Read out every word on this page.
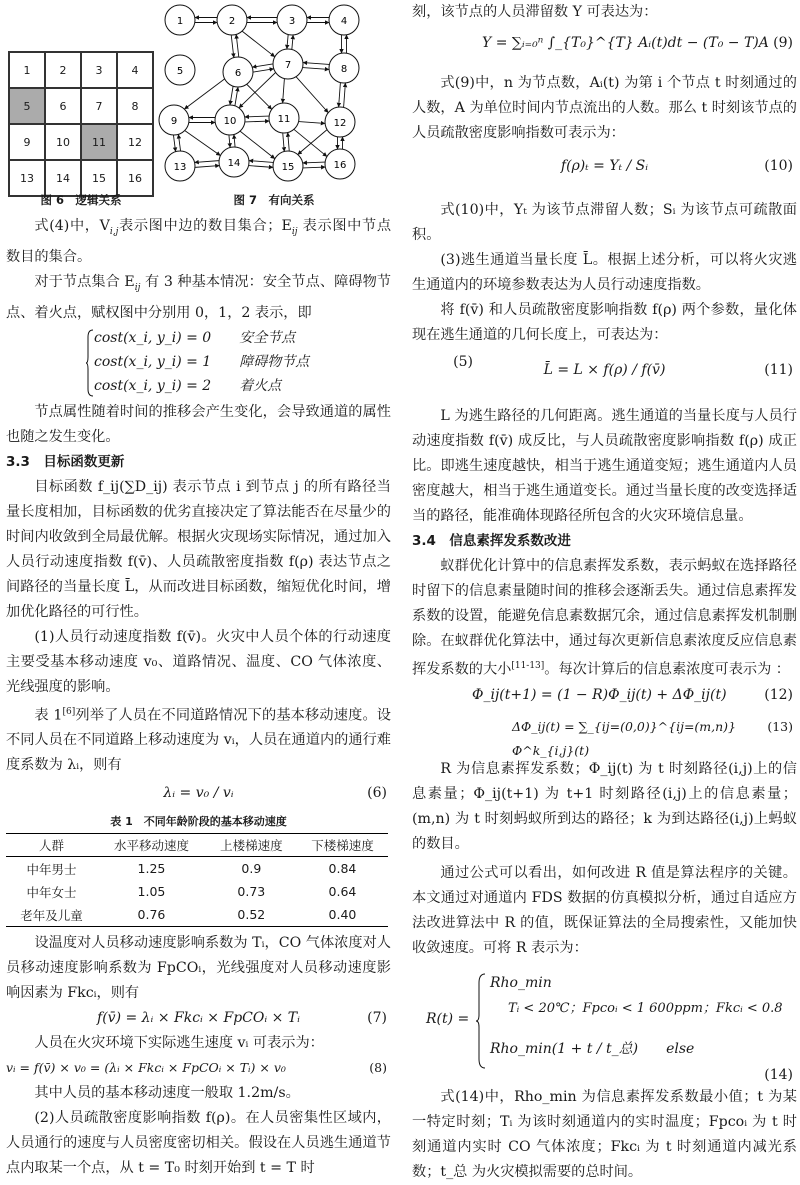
1	2	3	4
5	6	7	8
9	10	11	12
13	14	15	16
图 6　逻辑关系
1	2	3	4
5	6
7	8
9	10	11	12
13	14	15	16
图 7　有向关系

式(4)中，$V_{i,j}$表示图中边的数目集合；$E_{ij}$ 表示图中节点数目的集合。

对于节点集合 $E_{ij}$ 有 3 种基本情况：安全节点、障碍物节点、着火点，赋权图中分别用 0，1，2 表示，即

cost(x_i, y_i) = 0　　安全节点
cost(x_i, y_i) = 1　　障碍物节点
cost(x_i, y_i) = 2　　着火点
(5)

节点属性随着时间的推移会产生变化，会导致通道的属性也随之发生变化。

3.3　目标函数更新

目标函数 f_ij(∑D_ij) 表示节点 i 到节点 j 的所有路径当量长度相加，目标函数的优劣直接决定了算法能否在尽量少的时间内收敛到全局最优解。根据火灾现场实际情况，通过加入人员行动速度指数 f(v̄)、人员疏散密度指数 f(ρ) 表达节点之间路径的当量长度 L̄，从而改进目标函数，缩短优化时间，增加优化路径的可行性。

(1)人员行动速度指数 f(v̄)。火灾中人员个体的行动速度主要受基本移动速度 v₀、道路情况、温度、CO 气体浓度、光线强度的影响。

表 1[6]列举了人员在不同道路情况下的基本移动速度。设不同人员在不同道路上移动速度为 vᵢ，人员在通道内的通行难度系数为 λᵢ，则有

λᵢ = v₀ / vᵢ	(6)
表 1　不同年龄阶段的基本移动速度
人群	水平移动速度	上楼梯速度	下楼梯速度
中年男士	1.25	0.9	0.84
中年女士	1.05	0.73	0.64
老年及儿童	0.76	0.52	0.40

设温度对人员移动速度影响系数为 Tᵢ，CO 气体浓度对人员移动速度影响系数为 FpCOᵢ，光线强度对人员移动速度影响因素为 Fkcᵢ，则有

f(v̄) = λᵢ × Fkcᵢ × FpCOᵢ × Tᵢ	(7)

人员在火灾环境下实际逃生速度 vᵢ 可表示为：

vᵢ = f(v̄) × v₀ = (λᵢ × Fkcᵢ × FpCOᵢ × Tᵢ) × v₀	(8)

其中人员的基本移动速度一般取 1.2m/s。

(2)人员疏散密度影响指数 f(ρ)。在人员密集性区域内，人员通行的速度与人员密度密切相关。假设在人员逃生通道节点内取某一个点，从 t = T₀ 时刻开始到 t = T 时

刻，该节点的人员滞留数 Y 可表达为：

Y = ∑ᵢ₌₀ⁿ ∫_{T₀}^{T} Aᵢ(t)dt − (T₀ − T)A (9)

式(9)中，n 为节点数，Aᵢ(t) 为第 i 个节点 t 时刻通过的人数，A 为单位时间内节点流出的人数。那么 t 时刻该节点的人员疏散密度影响指数可表示为：

f(ρ)ₜ = Yₜ / Sᵢ	(10)

式(10)中，Yₜ 为该节点滞留人数；Sᵢ 为该节点可疏散面积。

(3)逃生通道当量长度 L̄。根据上述分析，可以将火灾逃生通道内的环境参数表达为人员行动速度指数。

将 f(v̄) 和人员疏散密度影响指数 f(ρ) 两个参数，量化体现在逃生通道的几何长度上，可表达为：

L̄ = L × f(ρ) / f(v̄)	(11)

L 为逃生路径的几何距离。逃生通道的当量长度与人员行动速度指数 f(v̄) 成反比，与人员疏散密度影响指数 f(ρ) 成正比。即逃生速度越快，相当于逃生通道变短；逃生通道内人员密度越大，相当于逃生通道变长。通过当量长度的改变选择适当的路径，能准确体现路径所包含的火灾环境信息量。

3.4　信息素挥发系数改进

蚁群优化计算中的信息素挥发系数，表示蚂蚁在选择路径时留下的信息素量随时间的推移会逐渐丢失。通过信息素挥发系数的设置，能避免信息素数据冗余，通过信息素挥发机制删除。在蚁群优化算法中，通过每次更新信息素浓度反应信息素挥发系数的大小[11-13]。每次计算后的信息素浓度可表示为 ：

Φ_ij(t+1) = (1 − R)Φ_ij(t) + ΔΦ_ij(t)	(12)
ΔΦ_ij(t) = ∑_{ij=(0,0)}^{ij=(m,n)} Φ^k_{i,j}(t)
(13)

R 为信息素挥发系数；Φ_ij(t) 为 t 时刻路径(i,j)上的信息素量；Φ_ij(t+1) 为 t+1 时刻路径(i,j)上的信息素量；(m,n) 为 t 时刻蚂蚁所到达的路径；k 为到达路径(i,j)上蚂蚁的数目。

通过公式可以看出，如何改进 R 值是算法程序的关键。本文通过对通道内 FDS 数据的仿真模拟分析，通过自适应方法改进算法中 R 的值，既保证算法的全局搜索性，又能加快收敛速度。可将 R 表示为：

R(t) =
Rho_min
Tᵢ < 20℃；Fpcoᵢ < 1 600ppm；Fkcᵢ < 0.8
Rho_min(1 + t / t_总)　　else
(14)

式(14)中，Rho_min 为信息素挥发系数最小值；t 为某一特定时刻；Tᵢ 为该时刻通道内的实时温度；Fpcoᵢ 为 t 时刻通道内实时 CO 气体浓度；Fkcᵢ 为 t 时刻通道内减光系数；t_总 为火灾模拟需要的总时间。
